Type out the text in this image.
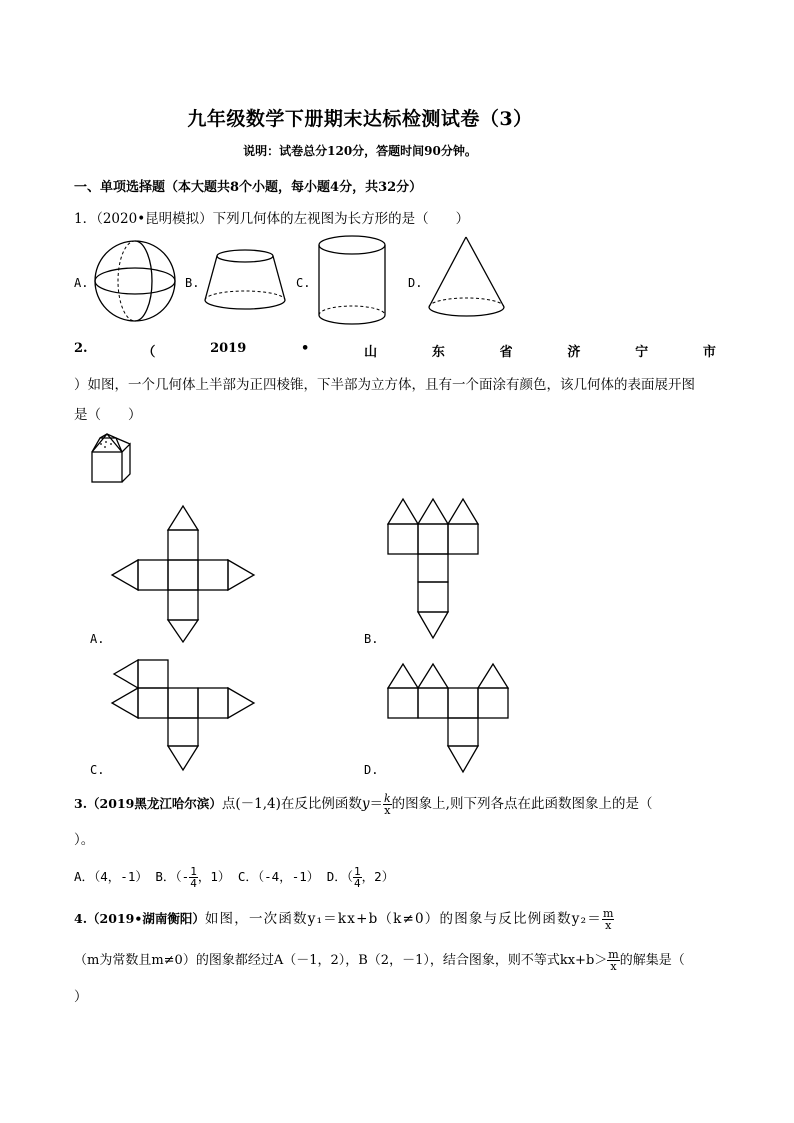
九年级数学下册期末达标检测试卷（3）
说明：试卷总分120分，答题时间90分钟。
一、单项选择题（本大题共8个小题，每小题4分，共32分）
1．（2020•昆明模拟）下列几何体的左视图为长方形的是（　　）
A.	B.	C.	D.
2.	（	2019	•	山	东	省	济	宁	市
）如图，一个几何体上半部为正四棱锥，下半部为立方体，且有一个面涂有颜色，该几何体的表面展开图
是（　　）
A.	B.
C.	D.
3.（2019黑龙江哈尔滨）点(－1,4)在反比例函数$y= \frac{k}{x}$ 的图象上,则下列各点在此函数图象上的是（
）。
A．（4，-1） B．（- $\frac{1}{4}$ ，1） C．（-4，-1） D．（ $\frac{1}{4}$ ，2）
4.（2019•湖南衡阳）如图，一次函数y₁＝kx+b（k≠0）的图象与反比例函数$y_2= \frac{m}{x}$
（m为常数且m≠0）的图象都经过A（－1，2），B（2，－1），结合图象，则不等式$kx+b> \frac{m}{x}$ 的解集是（
）
